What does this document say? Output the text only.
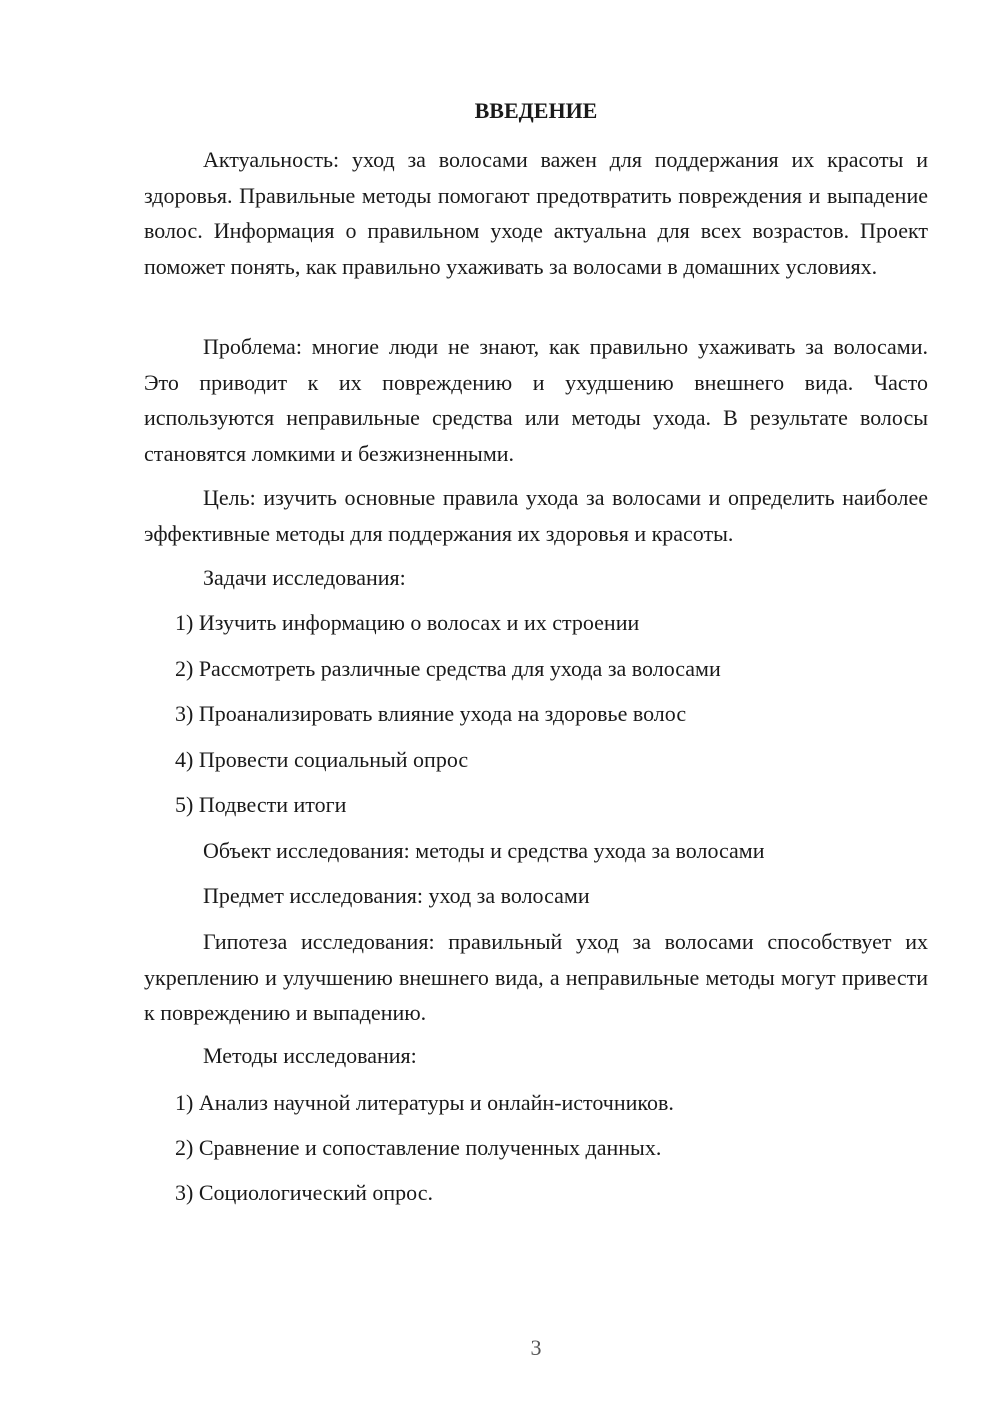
ВВЕДЕНИЕ

Актуальность: уход за волосами важен для поддержания их красоты и здоровья. Правильные методы помогают предотвратить повреждения и выпадение волос. Информация о правильном уходе актуальна для всех возрастов. Проект поможет понять, как правильно ухаживать за волосами в домашних условиях.

Проблема: многие люди не знают, как правильно ухаживать за волосами. Это приводит к их повреждению и ухудшению внешнего вида. Часто используются неправильные средства или методы ухода. В результате волосы становятся ломкими и безжизненными.

Цель: изучить основные правила ухода за волосами и определить наиболее эффективные методы для поддержания их здоровья и красоты.

Задачи исследования:

1) Изучить информацию о волосах и их строении

2) Рассмотреть различные средства для ухода за волосами

3) Проанализировать влияние ухода на здоровье волос

4) Провести социальный опрос

5) Подвести итоги

Объект исследования: методы и средства ухода за волосами

Предмет исследования: уход за волосами

Гипотеза исследования: правильный уход за волосами способствует их укреплению и улучшению внешнего вида, а неправильные методы могут привести к повреждению и выпадению.

Методы исследования:

1) Анализ научной литературы и онлайн-источников.

2) Сравнение и сопоставление полученных данных.

3) Социологический опрос.

3
